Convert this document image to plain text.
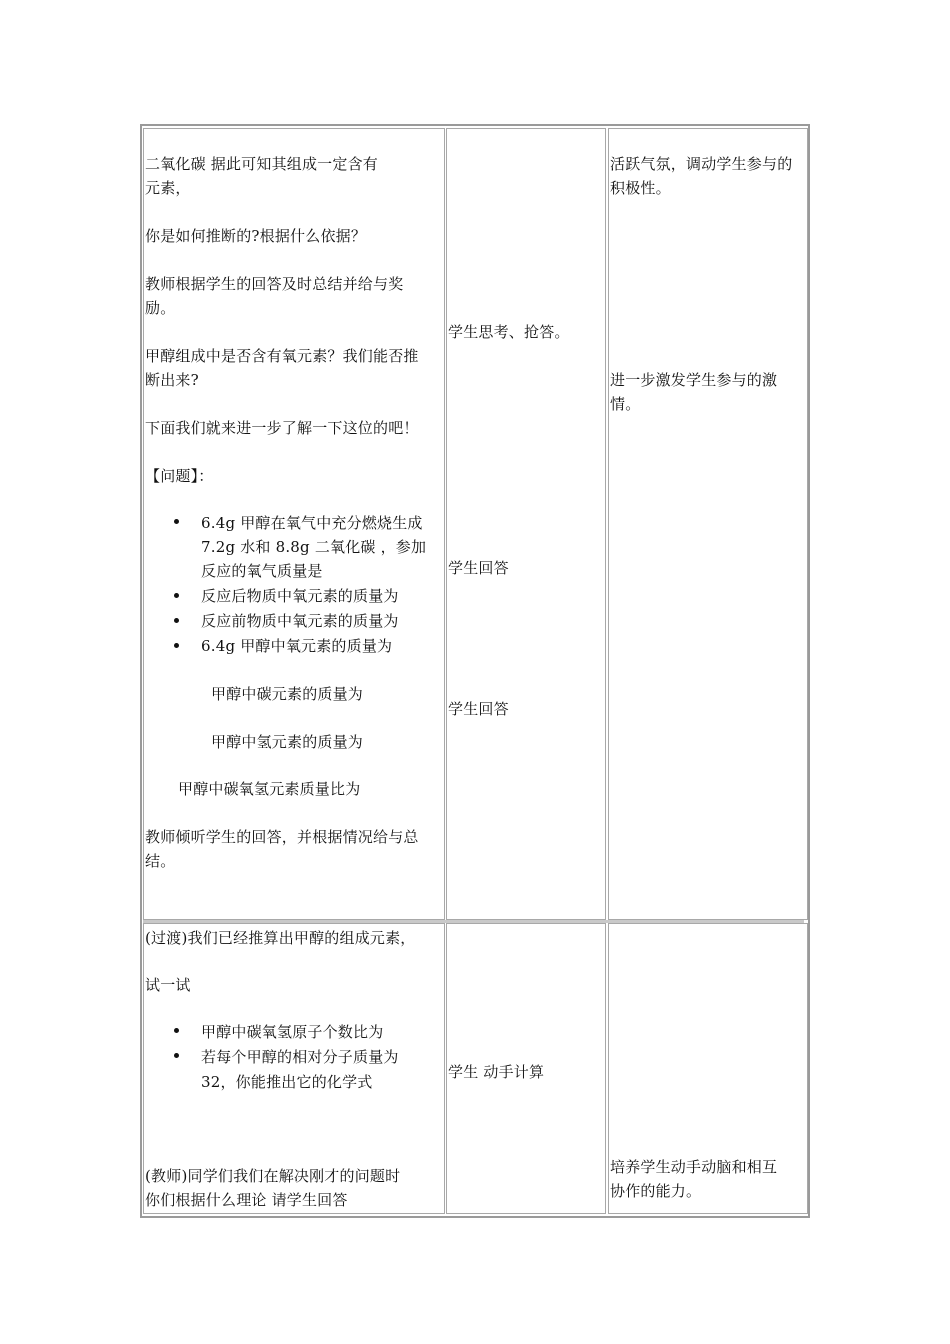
二氧化碳 据此可知其组成一定含有
元素，
你是如何推断的?根据什么依据？
教师根据学生的回答及时总结并给与奖
励。
甲醇组成中是否含有氧元素？我们能否推
断出来?
下面我们就来进一步了解一下这位的吧！
【问题】：
6.4g 甲醇在氧气中充分燃烧生成
7.2g 水和 8.8g 二氧化碳 ，参加
反应的氧气质量是
反应后物质中氧元素的质量为
反应前物质中氧元素的质量为
6.4g 甲醇中氧元素的质量为
甲醇中碳元素的质量为
甲醇中氢元素的质量为
甲醇中碳氧氢元素质量比为
教师倾听学生的回答，并根据情况给与总
结。
学生思考、抢答。
学生回答
学生回答
活跃气氛，调动学生参与的
积极性。
进一步激发学生参与的激
情。
(过渡)我们已经推算出甲醇的组成元素，
试一试
甲醇中碳氧氢原子个数比为
若每个甲醇的相对分子质量为
32，你能推出它的化学式
(教师)同学们我们在解决刚才的问题时
你们根据什么理论 请学生回答
学生 动手计算
培养学生动手动脑和相互
协作的能力。
